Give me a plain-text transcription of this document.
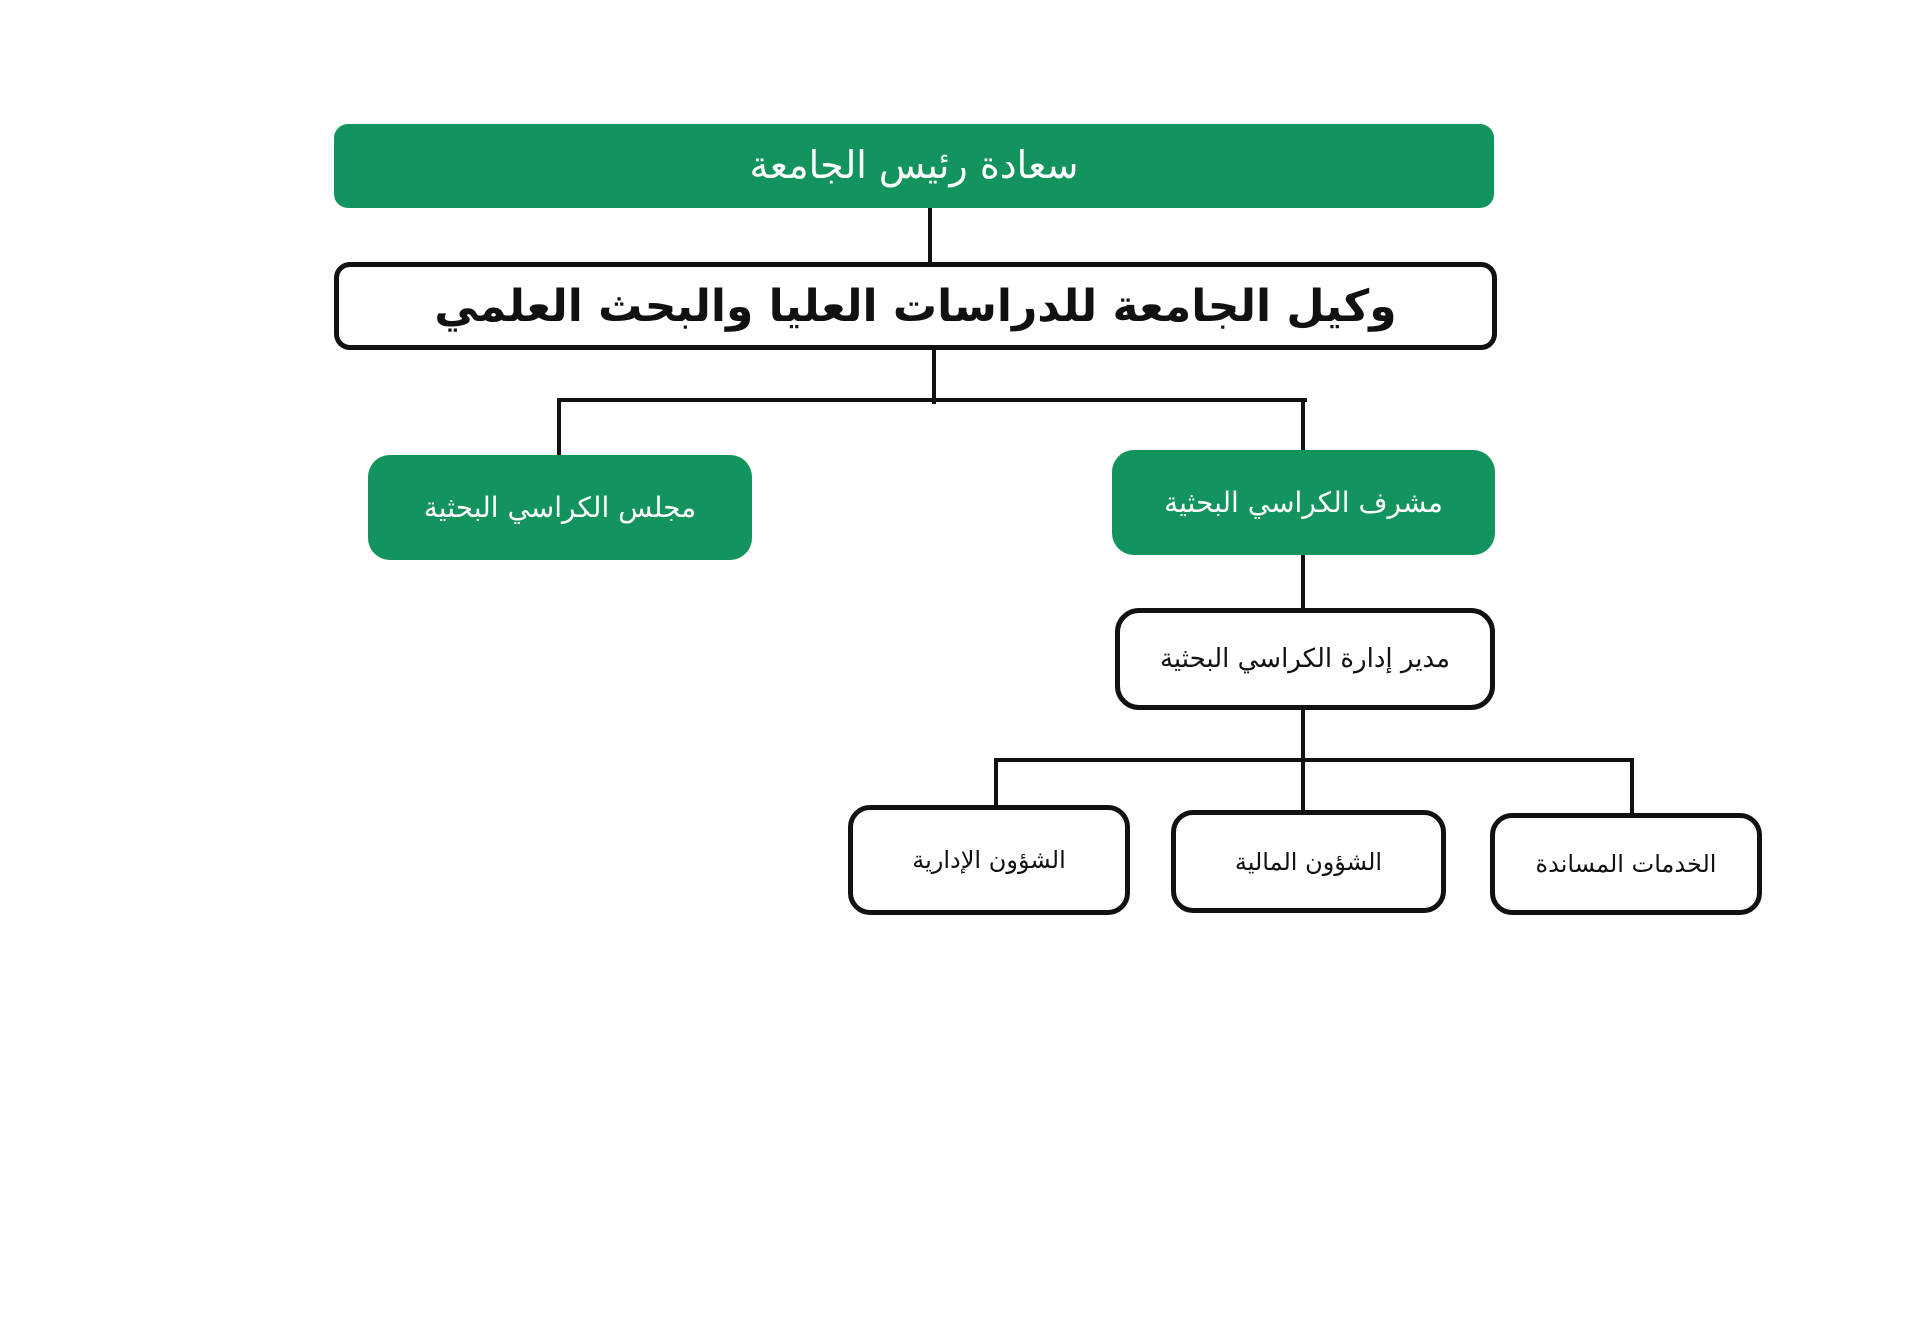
سعادة رئيس الجامعة
وكيل الجامعة للدراسات العليا والبحث العلمي
مجلس الكراسي البحثية	مشرف الكراسي البحثية
مدير إدارة الكراسي البحثية
الشؤون الإدارية	الشؤون المالية	الخدمات المساندة
